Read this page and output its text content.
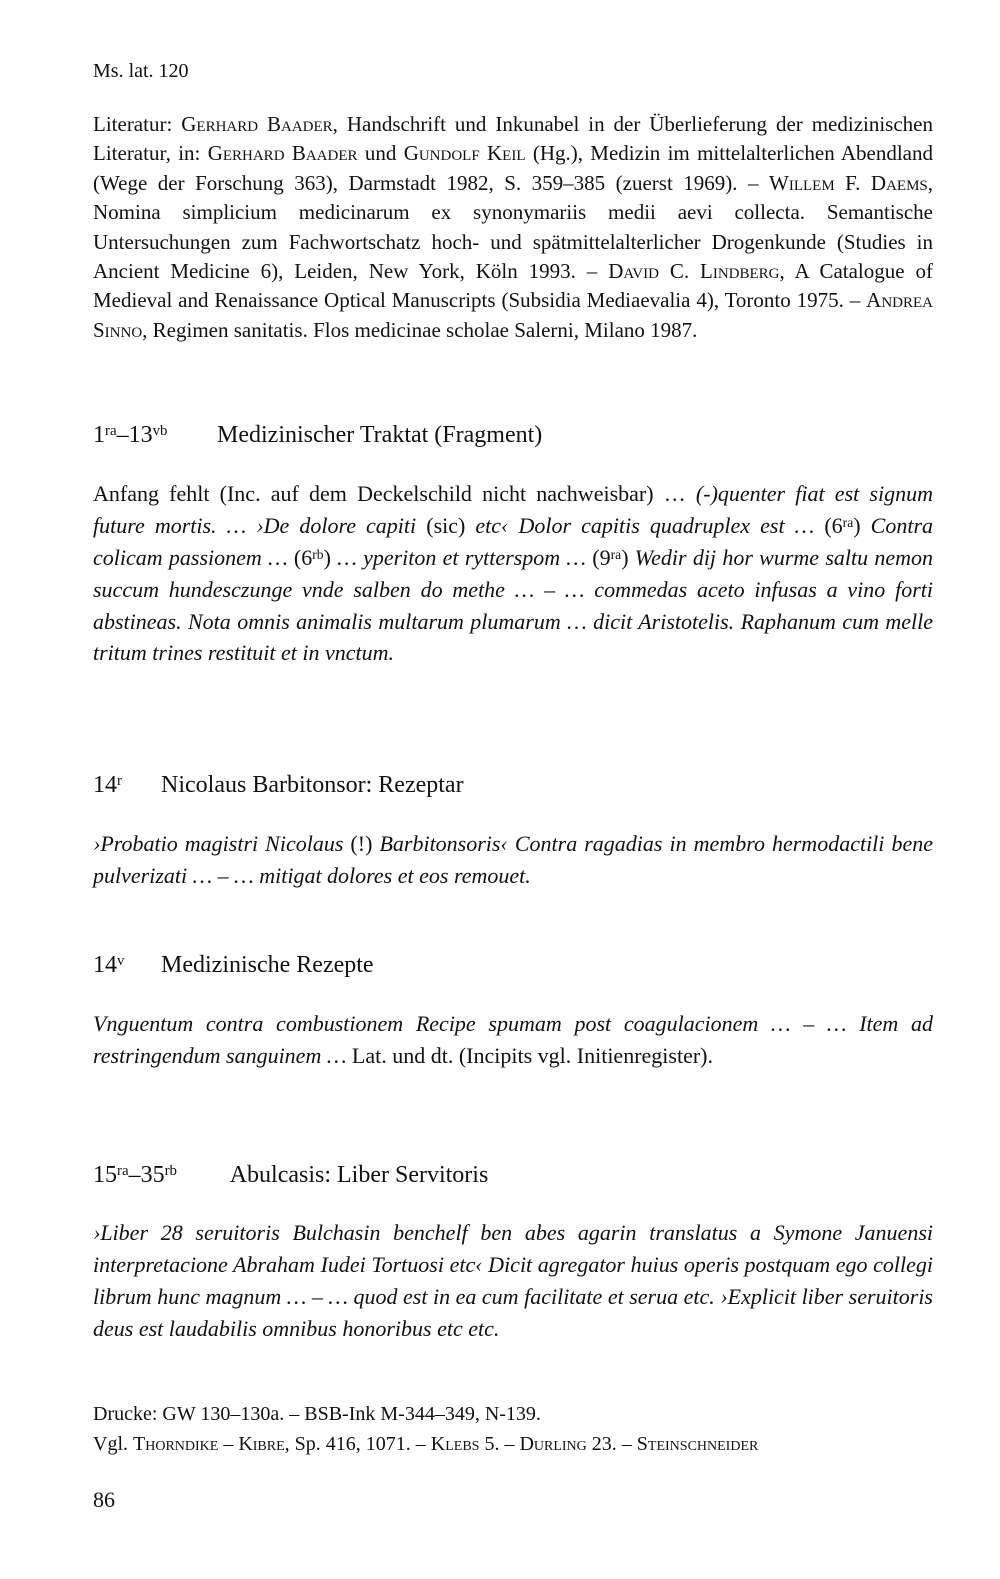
Ms. lat. 120
Literatur: Gerhard Baader, Handschrift und Inkunabel in der Überlieferung der medizinischen Literatur, in: Gerhard Baader und Gundolf Keil (Hg.), Medizin im mittelalterlichen Abendland (Wege der Forschung 363), Darmstadt 1982, S. 359–385 (zuerst 1969). – Willem F. Daems, Nomina simplicium medicinarum ex synonymariis medii aevi collecta. Semantische Untersuchungen zum Fachwortschatz hoch- und spätmittelalterlicher Drogenkunde (Studies in Ancient Medicine 6), Leiden, New York, Köln 1993. – David C. Lindberg, A Catalogue of Medieval and Renaissance Optical Manuscripts (Subsidia Mediaevalia 4), Toronto 1975. – Andrea Sinno, Regimen sanitatis. Flos medicinae scholae Salerni, Milano 1987.
$1^{ra}-13^{vb}$ Medizinischer Traktat (Fragment)
Anfang fehlt (Inc. auf dem Deckelschild nicht nachweisbar) … (-)quenter fiat est signum future mortis. … ›De dolore capiti (sic) etc‹ Dolor capitis quadruplex est … $(6^{ra})$ Contra colicam passionem … $(6^{rb})$ … yperiton et rytterspom … $(9^{ra})$ Wedir dij hor wurme saltu nemon succum hundesczunge vnde salben do methe … – … commedas aceto infusas a vino forti abstineas. Nota omnis animalis multarum plumarum … dicit Aristotelis. Raphanum cum melle tritum trines restituit et in vnctum.
14$^r$ Nicolaus Barbitonsor: Rezeptar
›Probatio magistri Nicolaus (!) Barbitonsoris‹ Contra ragadias in membro hermodactili bene pulverizati … – … mitigat dolores et eos remouet.
14$^v$ Medizinische Rezepte
Vnguentum contra combustionem Recipe spumam post coagulacionem … – … Item ad restringendum sanguinem … Lat. und dt. (Incipits vgl. Initienregister).
$15^{ra}-35^{rb}$ Abulcasis: Liber Servitoris
›Liber 28 seruitoris Bulchasin benchelf ben abes agarin translatus a Symone Januensi interpretacione Abraham Iudei Tortuosi etc‹ Dicit agregator huius operis postquam ego collegi librum hunc magnum … – … quod est in ea cum facilitate et serua etc. ›Explicit liber seruitoris deus est laudabilis omnibus honoribus etc etc.
Drucke: GW 130–130a. – BSB-Ink M-344–349, N-139.
Vgl. Thorndike – Kibre, Sp. 416, 1071. – Klebs 5. – Durling 23. – Steinschneider
86
